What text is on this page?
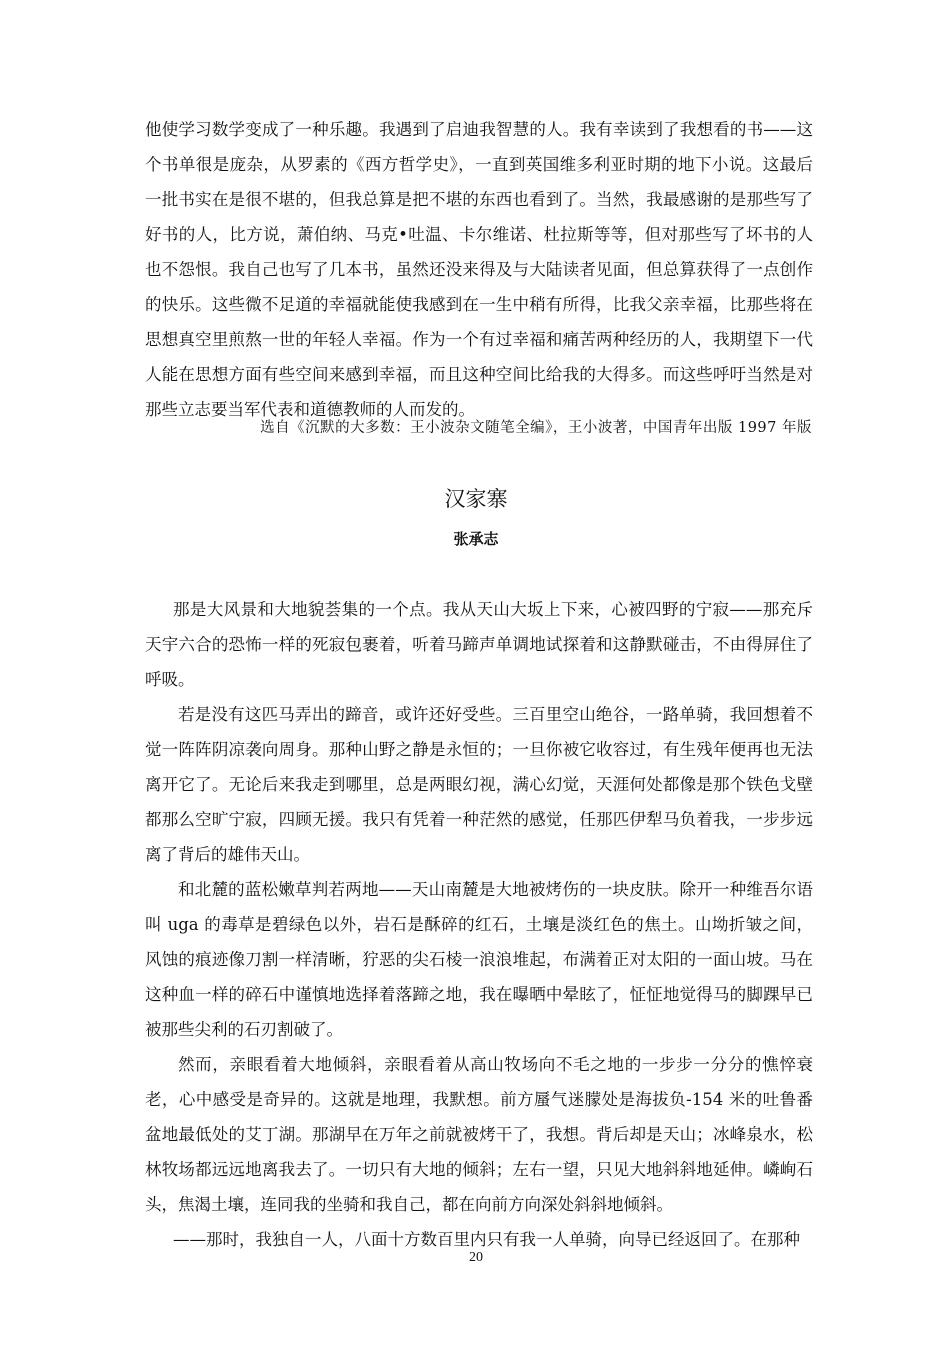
他使学习数学变成了一种乐趣。我遇到了启迪我智慧的人。我有幸读到了我想看的书——这个书单很是庞杂，从罗素的《西方哲学史》，一直到英国维多利亚时期的地下小说。这最后一批书实在是很不堪的，但我总算是把不堪的东西也看到了。当然，我最感谢的是那些写了好书的人，比方说，萧伯纳、马克•吐温、卡尔维诺、杜拉斯等等，但对那些写了坏书的人也不怨恨。我自己也写了几本书，虽然还没来得及与大陆读者见面，但总算获得了一点创作的快乐。这些微不足道的幸福就能使我感到在一生中稍有所得，比我父亲幸福，比那些将在思想真空里煎熬一世的年轻人幸福。作为一个有过幸福和痛苦两种经历的人，我期望下一代人能在思想方面有些空间来感到幸福，而且这种空间比给我的大得多。而这些呼吁当然是对那些立志要当军代表和道德教师的人而发的。

选自《沉默的大多数：王小波杂文随笔全编》，王小波著，中国青年出版 1997 年版
汉家寨
张承志

那是大风景和大地貌荟集的一个点。我从天山大坂上下来，心被四野的宁寂——那充斥天宇六合的恐怖一样的死寂包裹着，听着马蹄声单调地试探着和这静默碰击，不由得屏住了呼吸。

若是没有这匹马弄出的蹄音，或许还好受些。三百里空山绝谷，一路单骑，我回想着不觉一阵阵阴凉袭向周身。那种山野之静是永恒的；一旦你被它收容过，有生残年便再也无法离开它了。无论后来我走到哪里，总是两眼幻视，满心幻觉，天涯何处都像是那个铁色戈壁都那么空旷宁寂，四顾无援。我只有凭着一种茫然的感觉，任那匹伊犁马负着我，一步步远离了背后的雄伟天山。

和北麓的蓝松嫩草判若两地——天山南麓是大地被烤伤的一块皮肤。除开一种维吾尔语叫 uga 的毒草是碧绿色以外，岩石是酥碎的红石，土壤是淡红色的焦土。山坳折皱之间，风蚀的痕迹像刀割一样清晰，狞恶的尖石棱一浪浪堆起，布满着正对太阳的一面山坡。马在这种血一样的碎石中谨慎地选择着落蹄之地，我在曝晒中晕眩了，怔怔地觉得马的脚踝早已被那些尖利的石刃割破了。

然而，亲眼看着大地倾斜，亲眼看着从高山牧场向不毛之地的一步步一分分的憔悴衰老，心中感受是奇异的。这就是地理，我默想。前方蜃气迷朦处是海拔负-154 米的吐鲁番盆地最低处的艾丁湖。那湖早在万年之前就被烤干了，我想。背后却是天山；冰峰泉水，松林牧场都远远地离我去了。一切只有大地的倾斜；左右一望，只见大地斜斜地延伸。嶙峋石头，焦渴土壤，连同我的坐骑和我自己，都在向前方向深处斜斜地倾斜。

——那时，我独自一人，八面十方数百里内只有我一人单骑，向导已经返回了。在那种

20
